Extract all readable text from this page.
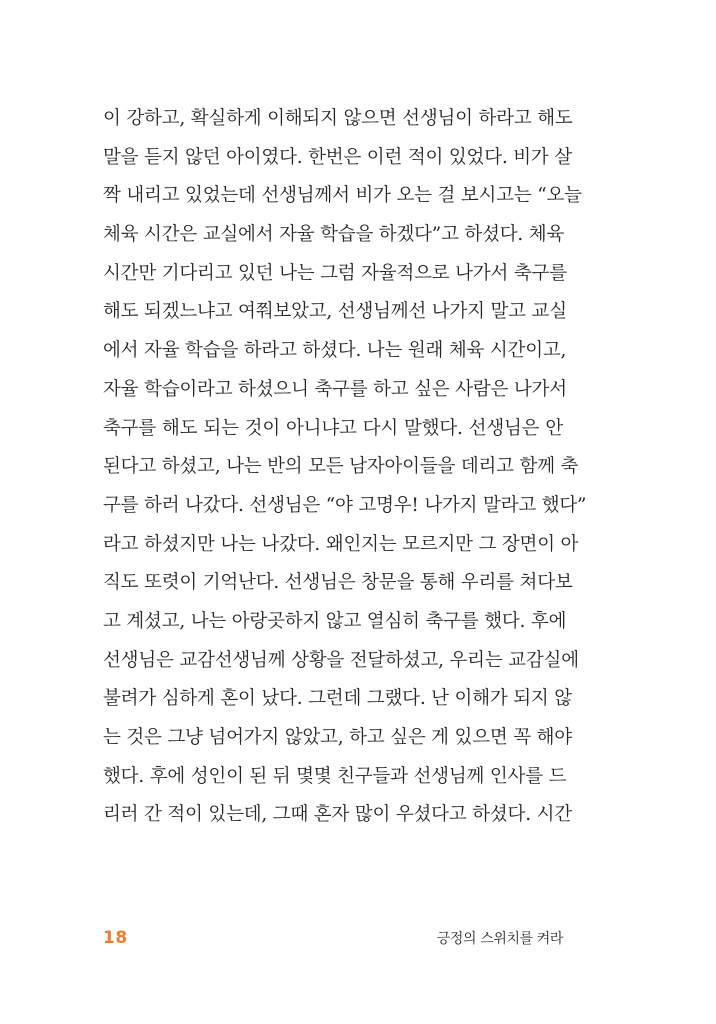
이 강하고, 확실하게 이해되지 않으면 선생님이 하라고 해도
말을 듣지 않던 아이였다. 한번은 이런 적이 있었다. 비가 살
짝 내리고 있었는데 선생님께서 비가 오는 걸 보시고는 “오늘
체육 시간은 교실에서 자율 학습을 하겠다”고 하셨다. 체육
시간만 기다리고 있던 나는 그럼 자율적으로 나가서 축구를
해도 되겠느냐고 여쭤보았고, 선생님께선 나가지 말고 교실
에서 자율 학습을 하라고 하셨다. 나는 원래 체육 시간이고,
자율 학습이라고 하셨으니 축구를 하고 싶은 사람은 나가서
축구를 해도 되는 것이 아니냐고 다시 말했다. 선생님은 안
된다고 하셨고, 나는 반의 모든 남자아이들을 데리고 함께 축
구를 하러 나갔다. 선생님은 “야 고명우! 나가지 말라고 했다”
라고 하셨지만 나는 나갔다. 왜인지는 모르지만 그 장면이 아
직도 또렷이 기억난다. 선생님은 창문을 통해 우리를 쳐다보
고 계셨고, 나는 아랑곳하지 않고 열심히 축구를 했다. 후에
선생님은 교감선생님께 상황을 전달하셨고, 우리는 교감실에
불려가 심하게 혼이 났다. 그런데 그랬다. 난 이해가 되지 않
는 것은 그냥 넘어가지 않았고, 하고 싶은 게 있으면 꼭 해야
했다. 후에 성인이 된 뒤 몇몇 친구들과 선생님께 인사를 드
리러 간 적이 있는데, 그때 혼자 많이 우셨다고 하셨다. 시간
18	긍정의 스위치를 켜라
